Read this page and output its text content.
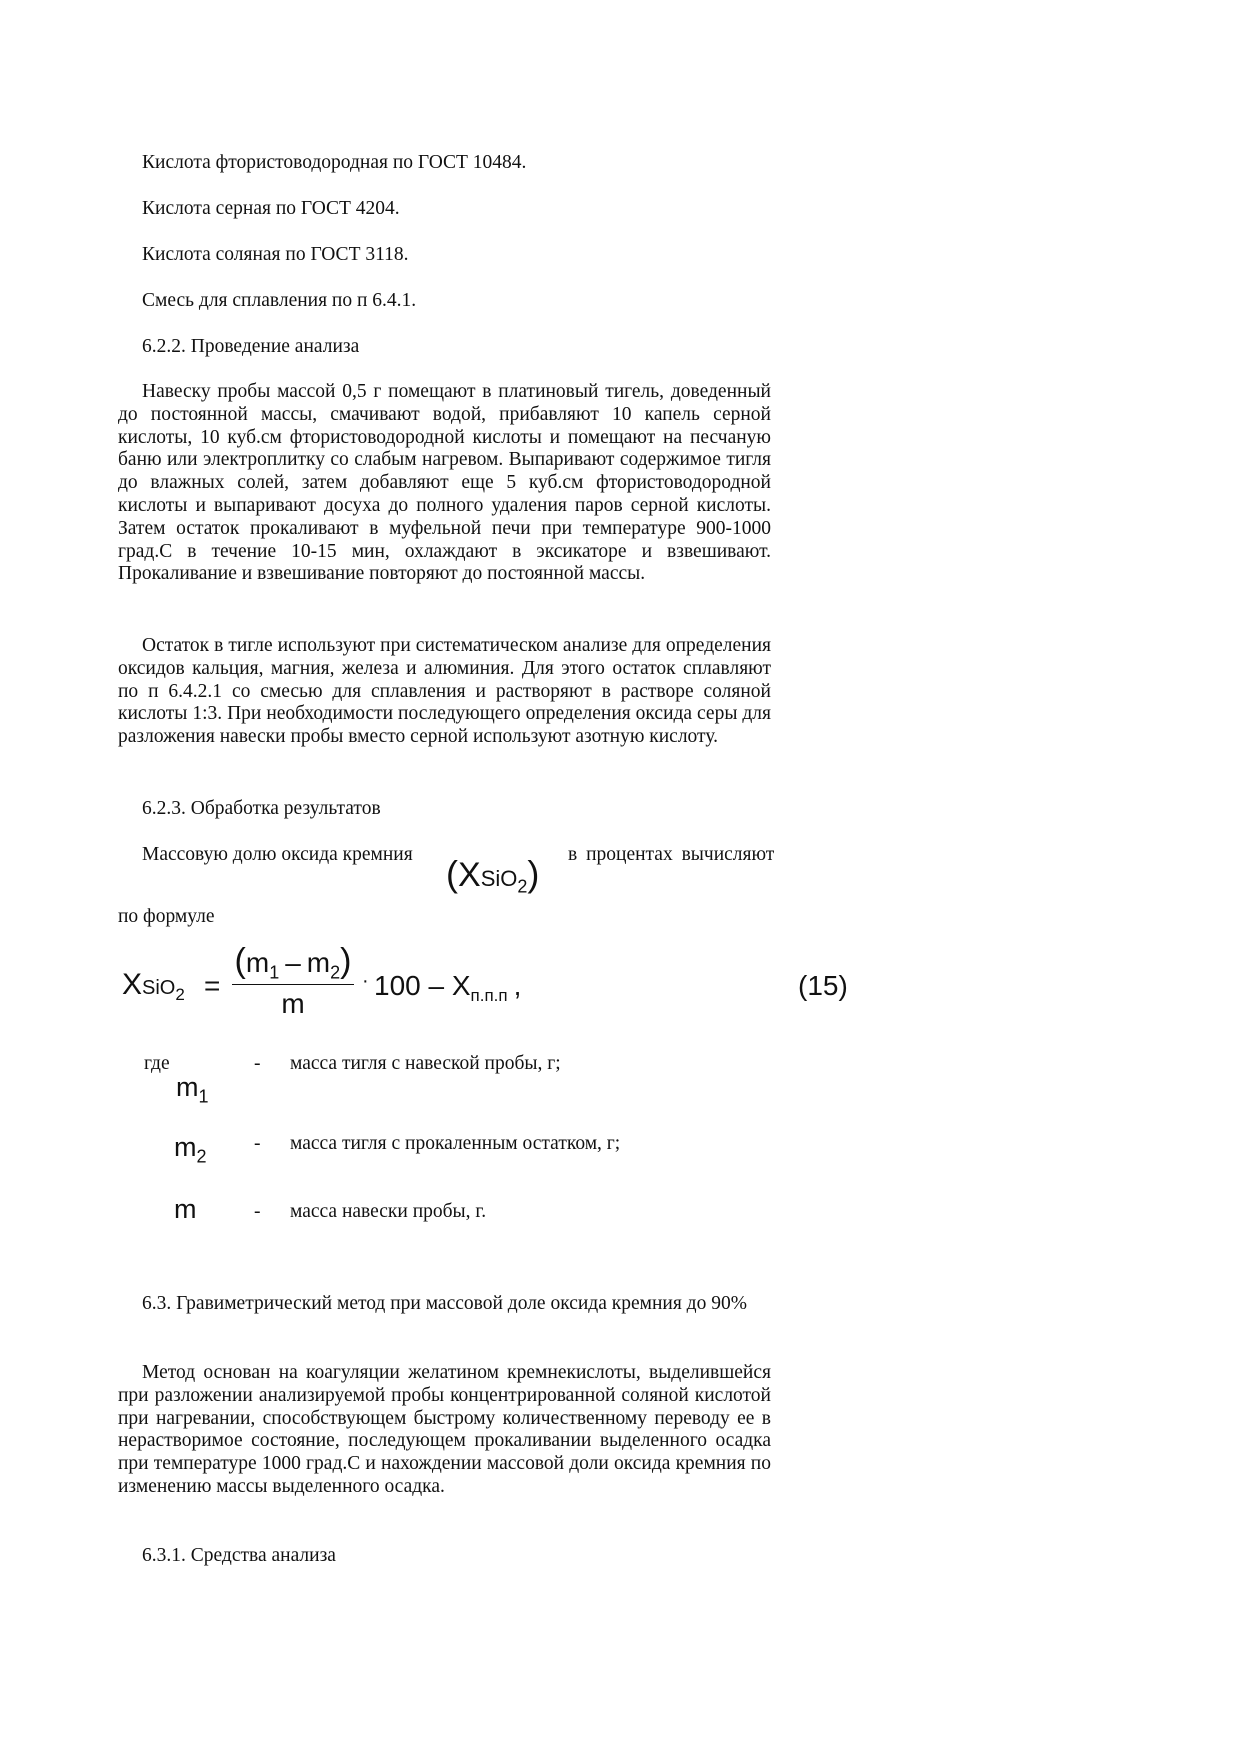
Кислота фтористоводородная по ГОСТ 10484.

Кислота серная по ГОСТ 4204.

Кислота соляная по ГОСТ 3118.

Смесь для сплавления по п 6.4.1.

6.2.2. Проведение анализа

Навеску пробы массой 0,5 г помещают в платиновый тигель, доведенный до постоянной массы, смачивают водой, прибавляют 10 капель серной кислоты, 10 куб.см фтористоводородной кислоты и помещают на песчаную баню или электроплитку со слабым нагревом. Выпаривают содержимое тигля до влажных солей, затем добавляют еще 5 куб.см фтористоводородной кислоты и выпаривают досуха до полного удаления паров серной кислоты. Затем остаток прокаливают в муфельной печи при температуре 900-1000 град.С в течение 10-15 мин, охлаждают в эксикаторе и взвешивают. Прокаливание и взвешивание повторяют до постоянной массы.

Остаток в тигле используют при систематическом анализе для определения оксидов кальция, магния, железа и алюминия. Для этого остаток сплавляют по п 6.4.2.1 со смесью для сплавления и растворяют в растворе соляной кислоты 1:3. При необходимости последующего определения оксида серы для разложения навески пробы вместо серной используют азотную кислоту.

6.2.3. Обработка результатов

Массовую долю оксида кремния (XSiO$_2$) в процентах вычисляют

по формуле

XSiO$_2$ =
$(m_1 - m_2)$
m
· $100 - X_{п.п.п}$ ,	(15)

где

$m_1$

- масса тигля с навеской пробы, г;

$m_2$

- масса тигля с прокаленным остатком, г;

m	- масса навески пробы, г.

6.3. Гравиметрический метод при массовой доле оксида кремния до 90%

Метод основан на коагуляции желатином кремнекислоты, выделившейся при разложении анализируемой пробы концентрированной соляной кислотой при нагревании, способствующем быстрому количественному переводу ее в нерастворимое состояние, последующем прокаливании выделенного осадка при температуре 1000 град.С и нахождении массовой доли оксида кремния по изменению массы выделенного осадка.

6.3.1. Средства анализа
